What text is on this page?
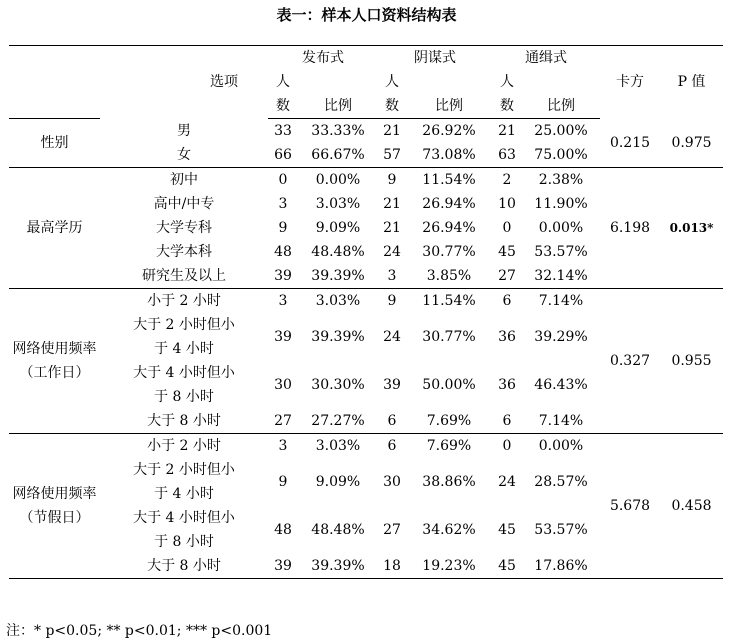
表一：样本人口资料结构表
	选项	发布式		阴谋式		通缉式		卡方	P 值
		人		人		人			
		数	比例	数	比例	数	比例		
性别	男	33	33.33%	21	26.92%	21	25.00%	0.215	0.975
	女	66	66.67%	57	73.08%	63	75.00%		
最高学历	初中	0	0.00%	9	11.54%	2	2.38%	6.198	0.013*
	高中/中专	3	3.03%	21	26.94%	10	11.90%		
	大学专科	9	9.09%	21	26.94%	0	0.00%		
	大学本科	48	48.48%	24	30.77%	45	53.57%		
	研究生及以上	39	39.39%	3	3.85%	27	32.14%		

网络使用频率
（工作日）	小于 2 小时	3	3.03%	9	11.54%	6	7.14%	0.327	0.955
	大于 2 小时但小于 4 小时	39	39.39%	24	30.77%	36	39.29%		
	大于 4 小时但小于 8 小时	30	30.30%	39	50.00%	36	46.43%		
	大于 8 小时	27	27.27%	6	7.69%	6	7.14%		

网络使用频率
（节假日）	小于 2 小时	3	3.03%	6	7.69%	0	0.00%	5.678	0.458
	大于 2 小时但小于 4 小时	9	9.09%	30	38.86%	24	28.57%		
	大于 4 小时但小于 8 小时	48	48.48%	27	34.62%	45	53.57%		
	大于 8 小时	39	39.39%	18	19.23%	45	17.86%		
注：* p<0.05; ** p<0.01; *** p<0.001
